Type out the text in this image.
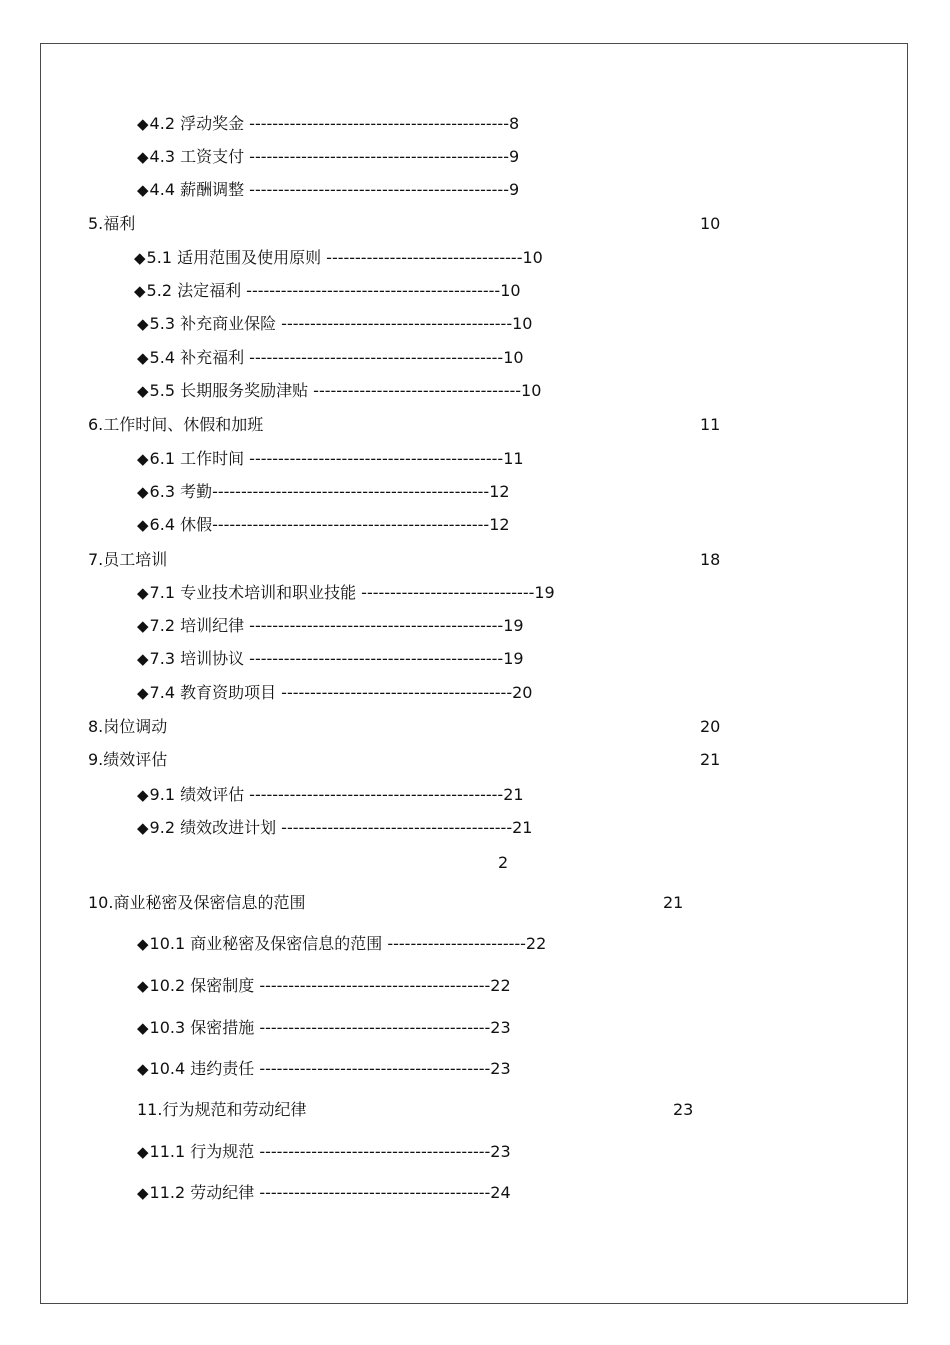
◆4.2 浮动奖金 ---------------------------------------------8
◆4.3 工资支付 ---------------------------------------------9
◆4.4 薪酬调整 ---------------------------------------------9
5.福利	10
◆5.1 适用范围及使用原则 ----------------------------------10
◆5.2 法定福利 --------------------------------------------10
◆5.3 补充商业保险 ----------------------------------------10
◆5.4 补充福利 --------------------------------------------10
◆5.5 长期服务奖励津贴 ------------------------------------10
6.工作时间、休假和加班	11
◆6.1 工作时间 --------------------------------------------11
◆6.3 考勤------------------------------------------------12
◆6.4 休假------------------------------------------------12
7.员工培训	18
◆7.1 专业技术培训和职业技能 ------------------------------19
◆7.2 培训纪律 --------------------------------------------19
◆7.3 培训协议 --------------------------------------------19
◆7.4 教育资助项目 ----------------------------------------20
8.岗位调动	20
9.绩效评估	21
◆9.1 绩效评估 --------------------------------------------21
◆9.2 绩效改进计划 ----------------------------------------21
2
10.商业秘密及保密信息的范围	21
◆10.1 商业秘密及保密信息的范围 ------------------------22
◆10.2 保密制度 ----------------------------------------22
◆10.3 保密措施 ----------------------------------------23
◆10.4 违约责任 ----------------------------------------23
11.行为规范和劳动纪律	23
◆11.1 行为规范 ----------------------------------------23
◆11.2 劳动纪律 ----------------------------------------24
